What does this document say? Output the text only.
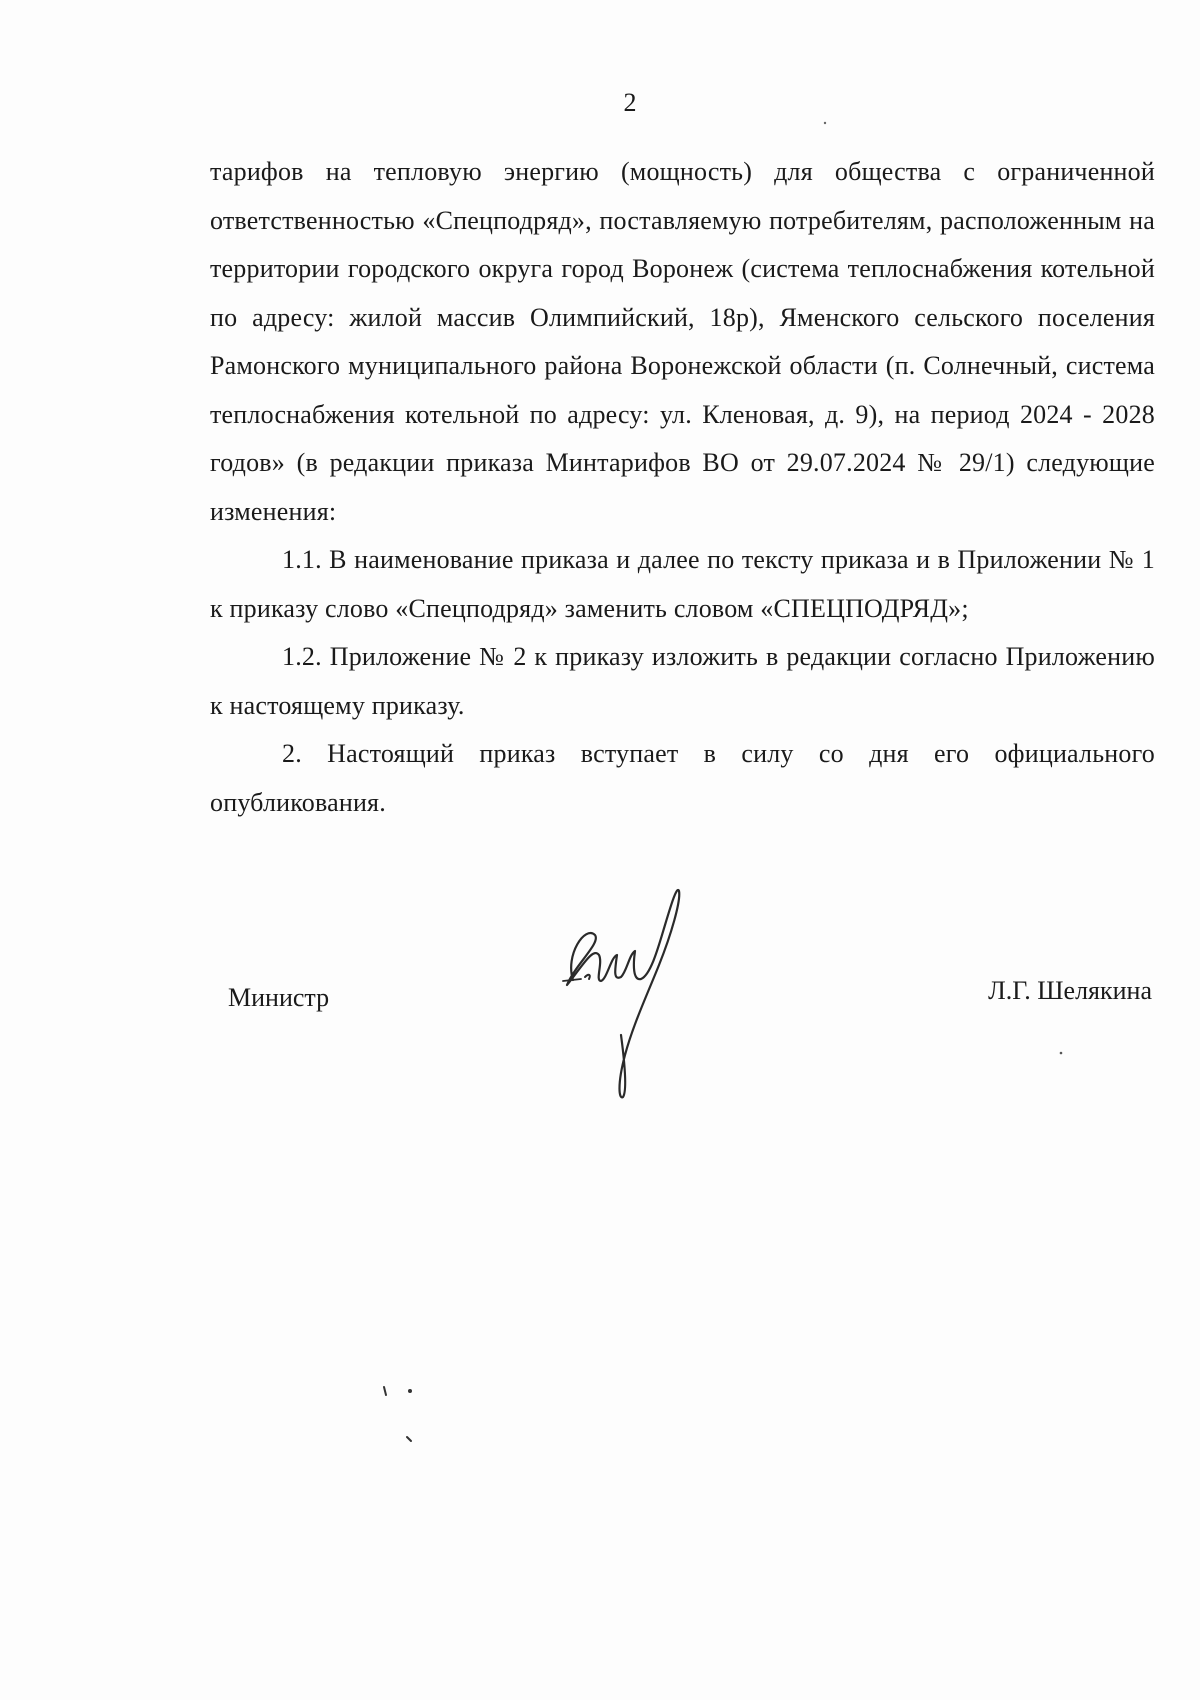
2

тарифов на тепловую энергию (мощность) для общества с ограниченной ответственностью «Спецподряд», поставляемую потребителям, расположенным на территории городского округа город Воронеж (система теплоснабжения котельной по адресу: жилой массив Олимпийский, 18р), Яменского сельского поселения Рамонского муниципального района Воронежской области (п. Солнечный, система теплоснабжения котельной по адресу: ул. Кленовая, д. 9), на период 2024 - 2028 годов» (в редакции приказа Минтарифов ВО от 29.07.2024 № 29/1) следующие изменения:

1.1. В наименование приказа и далее по тексту приказа и в Приложении № 1 к приказу слово «Спецподряд» заменить словом «СПЕЦПОДРЯД»;

1.2. Приложение № 2 к приказу изложить в редакции согласно Приложению к настоящему приказу.

2. Настоящий приказ вступает в силу со дня его официального опубликования.

Министр	Л.Г. Шелякина
